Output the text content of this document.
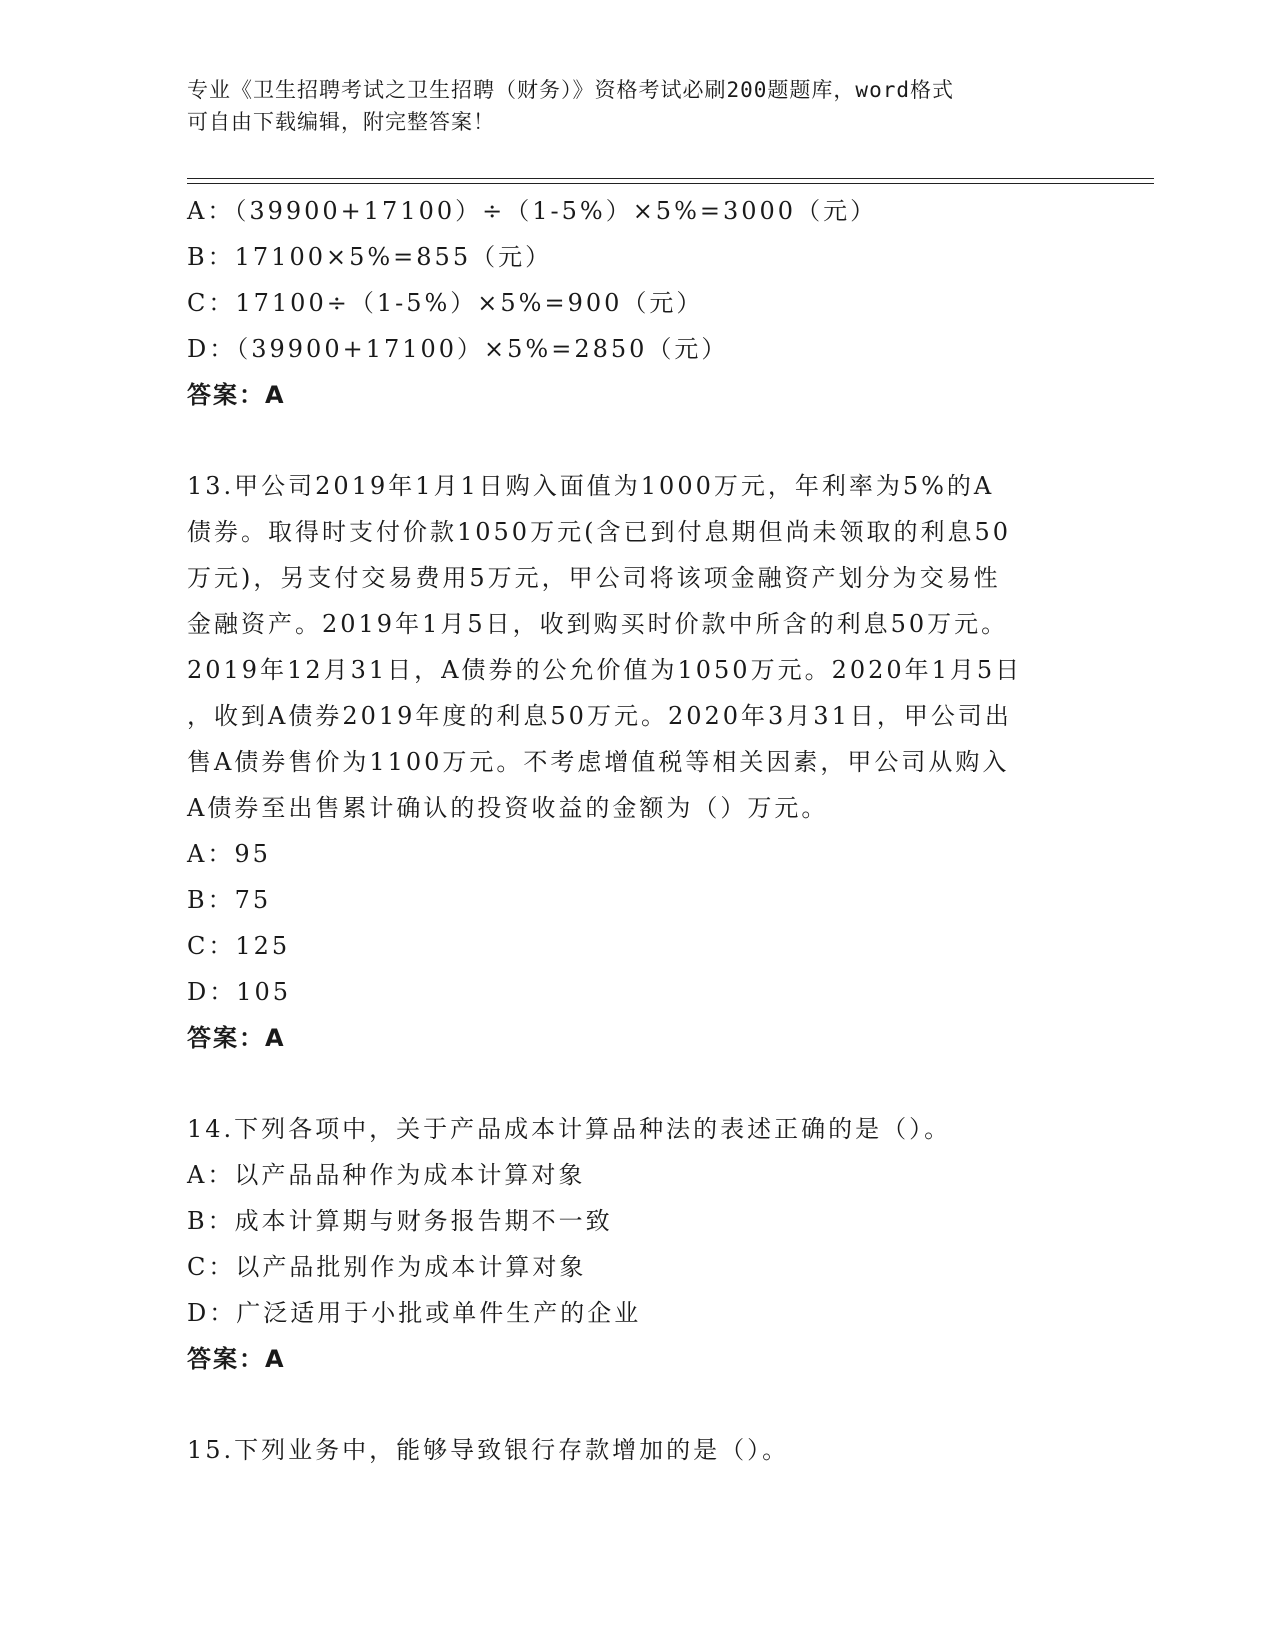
专业《卫生招聘考试之卫生招聘（财务）》资格考试必刷200题题库，word格式
可自由下载编辑，附完整答案！
A：（39900+17100）÷（1-5%）×5%=3000（元）
B：17100×5%=855（元）
C：17100÷（1-5%）×5%=900（元）
D：（39900+17100）×5%=2850（元）
答案：A
13.甲公司2019年1月1日购入面值为1000万元，年利率为5%的A
债券。取得时支付价款1050万元(含已到付息期但尚未领取的利息50
万元)，另支付交易费用5万元，甲公司将该项金融资产划分为交易性
金融资产。2019年1月5日，收到购买时价款中所含的利息50万元。
2019年12月31日，A债券的公允价值为1050万元。2020年1月5日
，收到A债券2019年度的利息50万元。2020年3月31日，甲公司出
售A债券售价为1100万元。不考虑增值税等相关因素，甲公司从购入
A债券至出售累计确认的投资收益的金额为（）万元。
A：95
B：75
C：125
D：105
答案：A
14.下列各项中，关于产品成本计算品种法的表述正确的是（）。
A：以产品品种作为成本计算对象
B：成本计算期与财务报告期不一致
C：以产品批别作为成本计算对象
D：广泛适用于小批或单件生产的企业
答案：A
15.下列业务中，能够导致银行存款增加的是（）。
